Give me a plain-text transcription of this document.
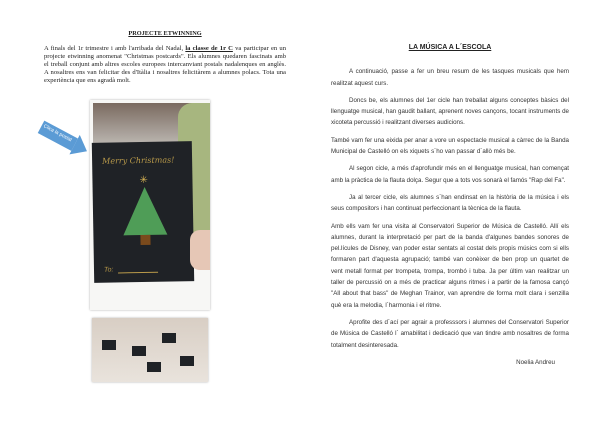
PROJECTE ETWINNING

A finals del 1r trimestre i amb l'arribada del Nadal, la classe de 1r C va participar en un projecte etwinning anomenat "Christmas postcards". Els alumnes quedaren fascinats amb el treball conjunt amb altres escoles europees intercanviant postals nadalenques en anglès. A nosaltres ens van felicitar des d'Itàlia i nosaltres felicitàrem a alumnes polacs. Tota una experiència que ens agradà molt.

Clica la postal
Merry Christmas!
✳
To:
LA MÚSICA A L´ESCOLA

A continuació, passe a fer un breu resum de les tasques musicals que hem realitzat aquest curs.

Doncs be, els alumnes del 1er cicle han treballat alguns conceptes bàsics del llenguatge musical, han gaudit ballant, aprenent noves cançons, tocant instruments de xicoteta percussió i realitzant diverses audicions.

També vam fer una eixida per anar a vore un espectacle musical a càrrec de la Banda Municipal de Castelló on els xiquets s´ho van passar d´allò més be.

Al segon cicle, a més d'aprofundir més en el llenguatge musical, han començat amb la pràctica de la flauta dolça. Segur que a tots vos sonarà el famós "Rap del Fa".

Ja al tercer cicle, els alumnes s´han endinsat en la història de la música i els seus compositors i han continuat perfeccionant la tècnica de la flauta.

Amb ells vam fer una visita al Conservatori Superior de Música de Castelló. Allí els alumnes, durant la interpretació per part de la banda d'algunes bandes sonores de pel.lícules de Disney, van poder estar sentats al costat dels propis músics com si ells formaren part d'aquesta agrupació; també van conèixer de ben prop un quartet de vent metall format per trompeta, trompa, trombó i tuba. Ja per últim van realitzar un taller de percussió on a més de practicar alguns ritmes i a partir de la famosa cançó "All about that bass" de Meghan Trainor, van aprendre de forma molt clara i senzilla què era la melodia, l´harmonia i el ritme.

Aprofite des d´ací per agrair a professsors i alumnes del Conservatori Superior de Música de Castelló l´ amabilitat i dedicació que van tindre amb nosaltres de forma totalment desinteresada.

Noelia Andreu
